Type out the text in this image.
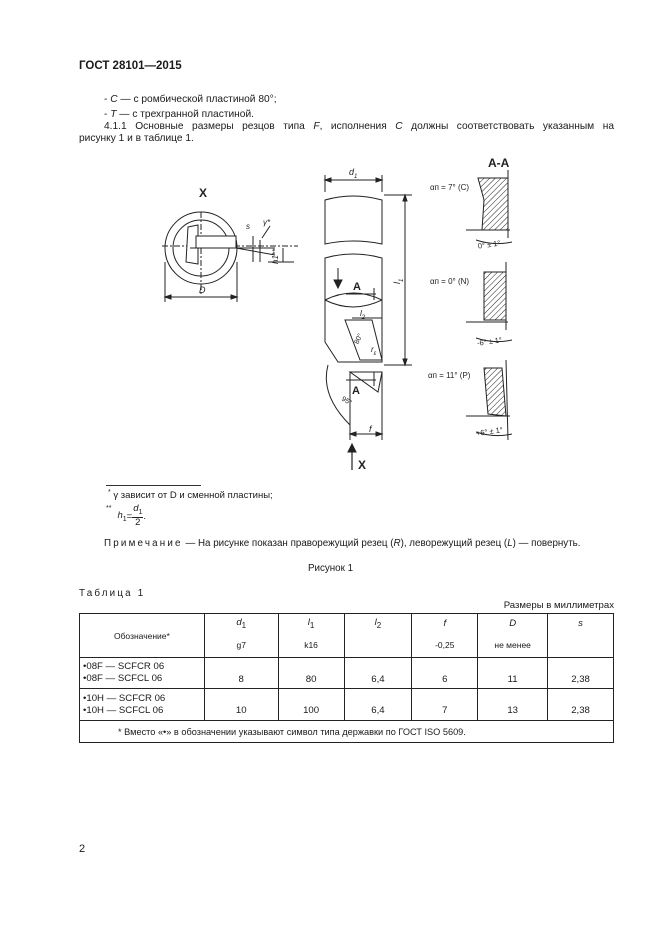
ГОСТ 28101—2015
- C — с ромбической пластиной 80°;
- T — с трехгранной пластиной.
4.1.1 Основные размеры резцов типа F, исполнения C должны соответствовать указанным на
рисунку 1 и в таблице 1.
X
D
s γ*
h1**
$d_1$
A
$l_2$
80°
$r_\varepsilon$
$l_1$
A
95°
f
X
A-A
αп = 7° (C)
0° ± 1°
αп = 0° (N)
-6° ± 1°
αп = 11° (P)
+6° ± 1°
* γ зависит от D и сменной пластины;
**
$h_1 = \frac{d_1}{2}$ .
Примечание — На рисунке показан праворежущий резец (R), леворежущий резец (L) — повернуть.
Рисунок 1
Таблица 1
Размеры в миллиметрах
Обозначение*	$d_1$	$l_1$	$l_2$	f	D	s
	g7	k16		-0,25	не менее	

•08F — SCFCR 06
•08F — SCFCL 06	8	80	6,4	6	11	2,38

•10H — SCFCR 06
•10H — SCFCL 06	10	100	6,4	7	13	2,38
* Вместо «•» в обозначении указывают символ типа державки по ГОСТ ISO 5609.						
2
